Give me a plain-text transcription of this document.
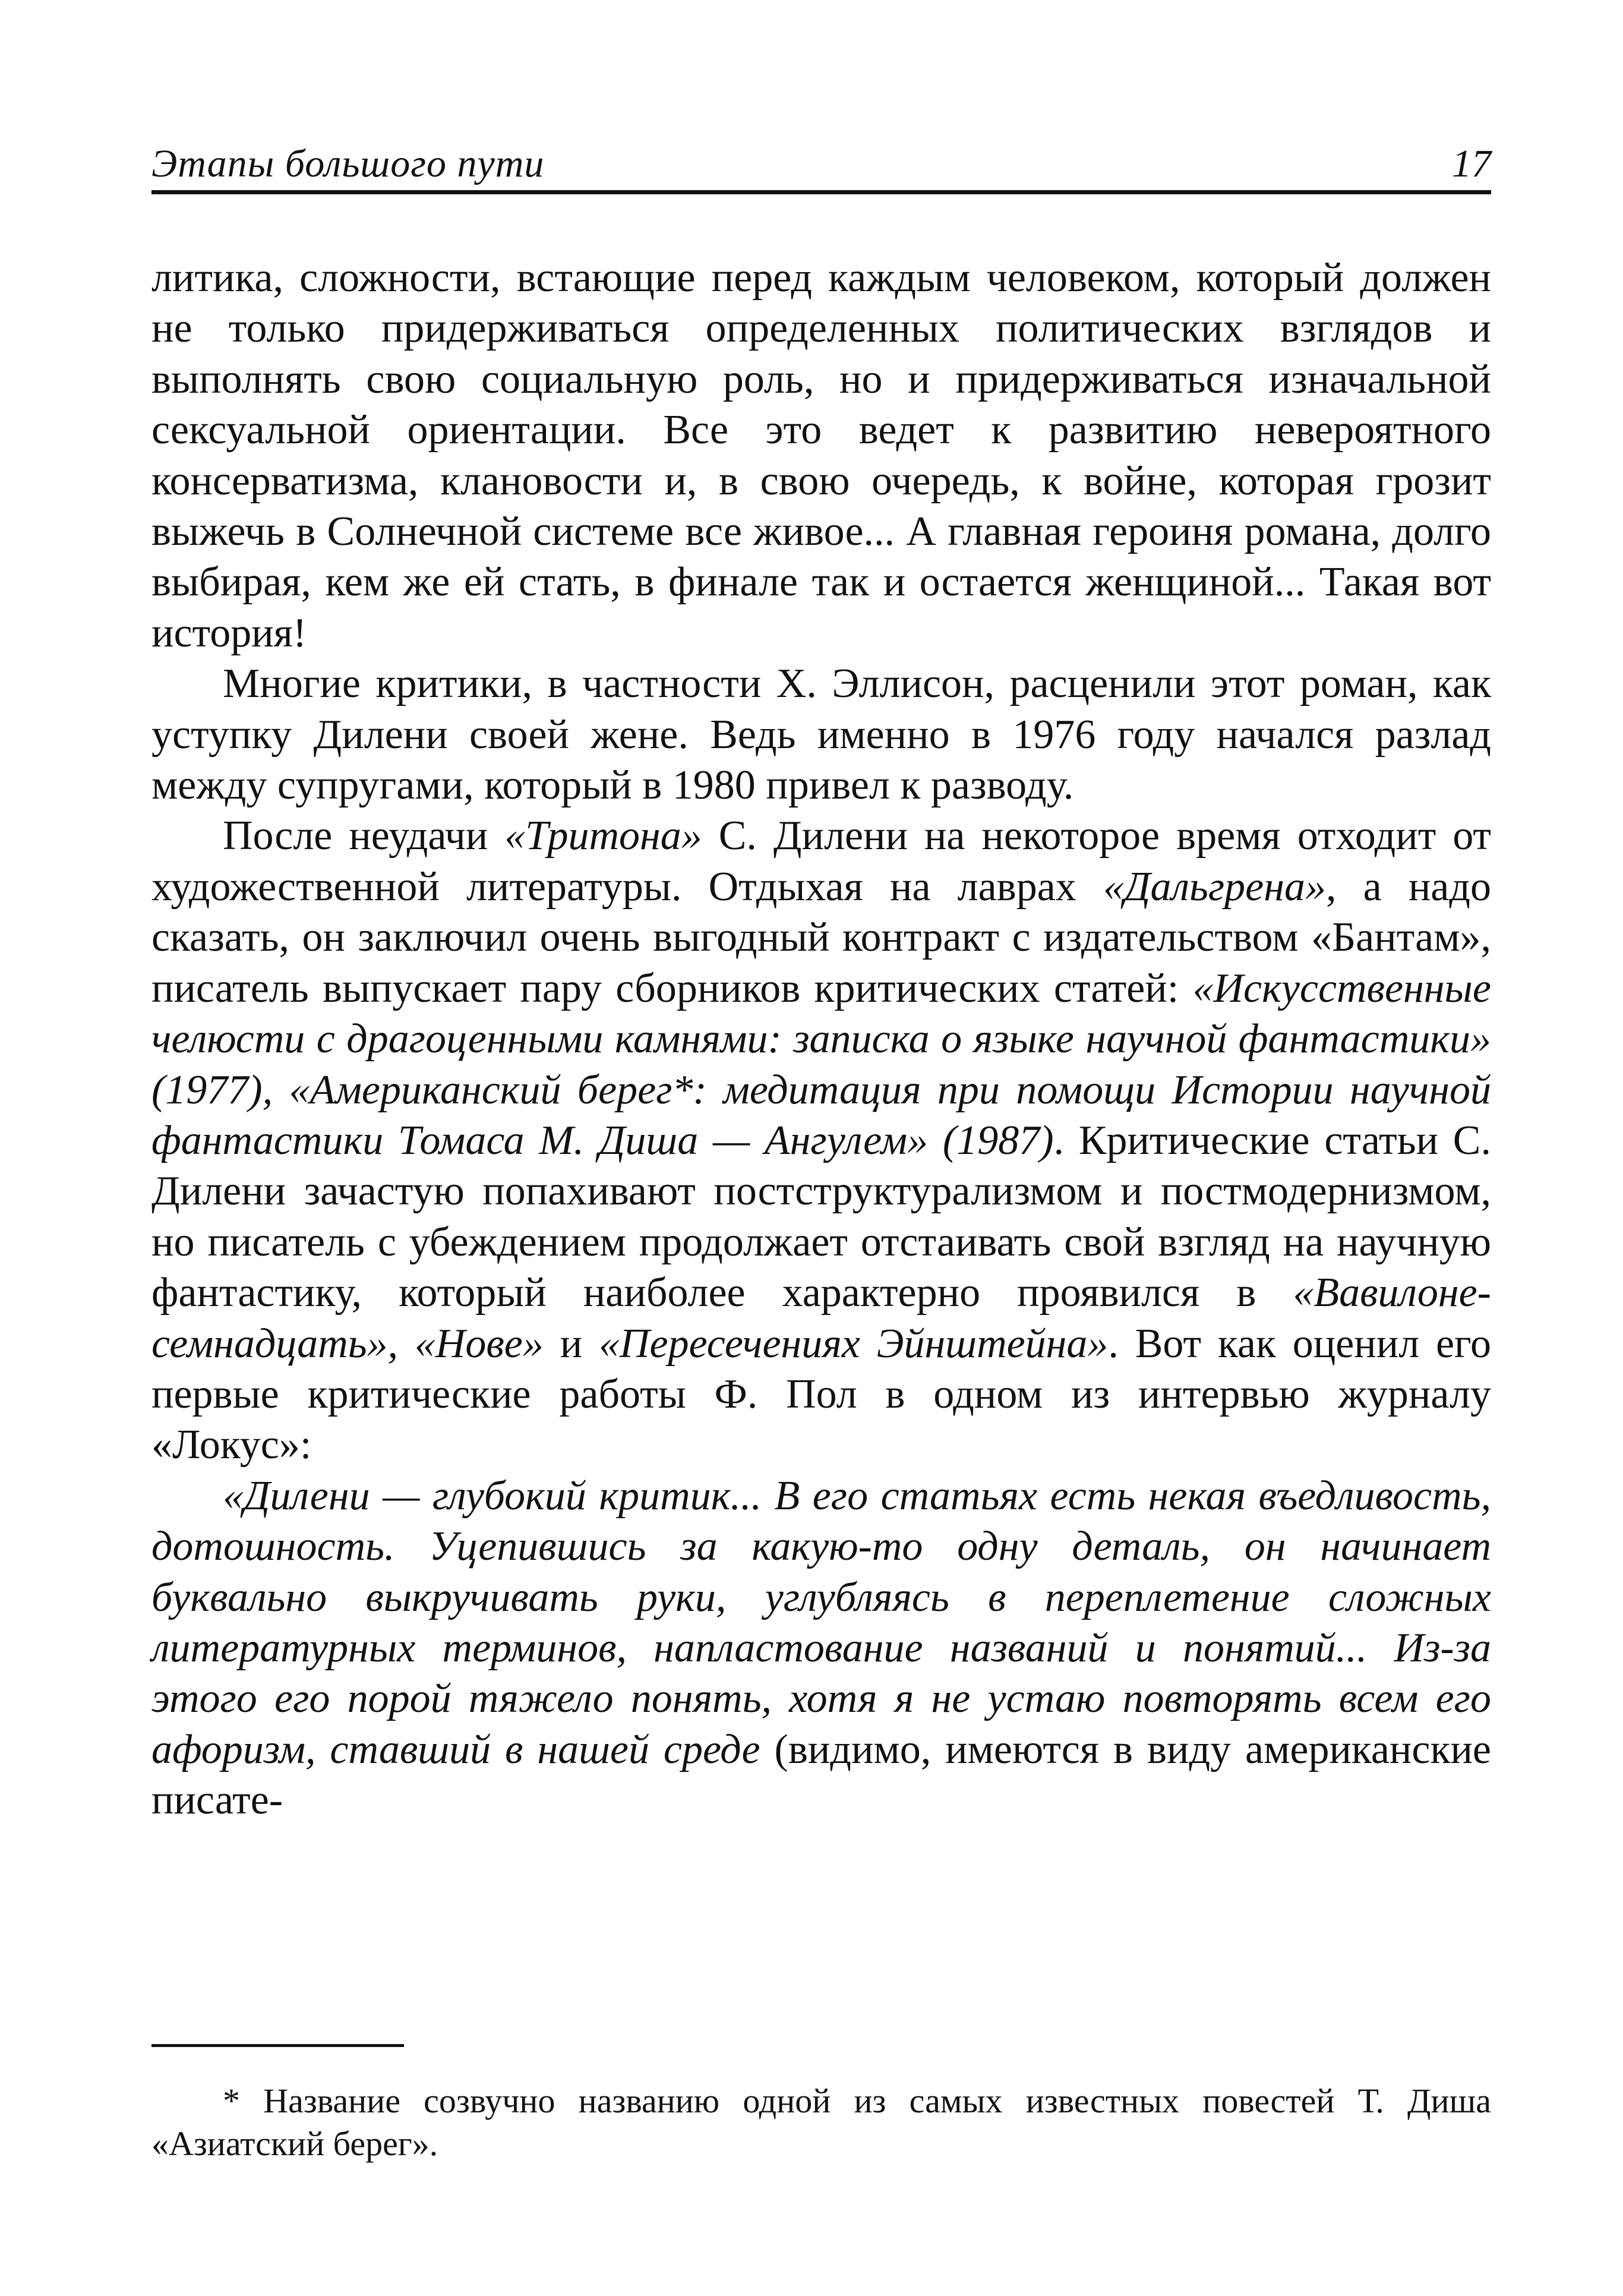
Этапы большого пути	17

литика, сложности, встающие перед каждым человеком, который должен не только придерживаться определенных политических взглядов и выполнять свою социальную роль, но и придерживаться изначальной сексуальной ориентации. Все это ведет к развитию невероятного консерватизма, клановости и, в свою очередь, к войне, которая грозит выжечь в Солнечной системе все живое... А главная героиня романа, долго выбирая, кем же ей стать, в финале так и остается женщиной... Такая вот история!

Многие критики, в частности X. Эллисон, расценили этот роман, как уступку Дилени своей жене. Ведь именно в 1976 году начался разлад между супругами, который в 1980 привел к разводу.

После неудачи «Тритона» С. Дилени на некоторое время отходит от художественной литературы. Отдыхая на лаврах «Дальгрена», а надо сказать, он заключил очень выгодный контракт с издательством «Бантам», писатель выпускает пару сборников критических статей: «Искусственные челюсти с драгоценными камнями: записка о языке научной фантастики» (1977), «Американский берег*: медитация при помощи Истории научной фантастики Томаса М. Диша — Ангулем» (1987). Критические статьи С. Дилени зачастую попахивают постструктурализмом и постмодернизмом, но писатель с убеждением продолжает отстаивать свой взгляд на научную фантастику, который наиболее характерно проявился в «Вавилоне-семнадцать», «Нове» и «Пересечениях Эйнштейна». Вот как оценил его первые критические работы Ф. Пол в одном из интервью журналу «Локус»:

«Дилени — глубокий критик... В его статьях есть некая въедливость, дотошность. Уцепившись за какую-то одну деталь, он начинает буквально выкручивать руки, углубляясь в переплетение сложных литературных терминов, напластование названий и понятий... Из-за этого его порой тяжело понять, хотя я не устаю повторять всем его афоризм, ставший в нашей среде (видимо, имеются в виду американские писате-

* Название созвучно названию одной из самых известных повестей Т. Диша «Азиатский берег».
